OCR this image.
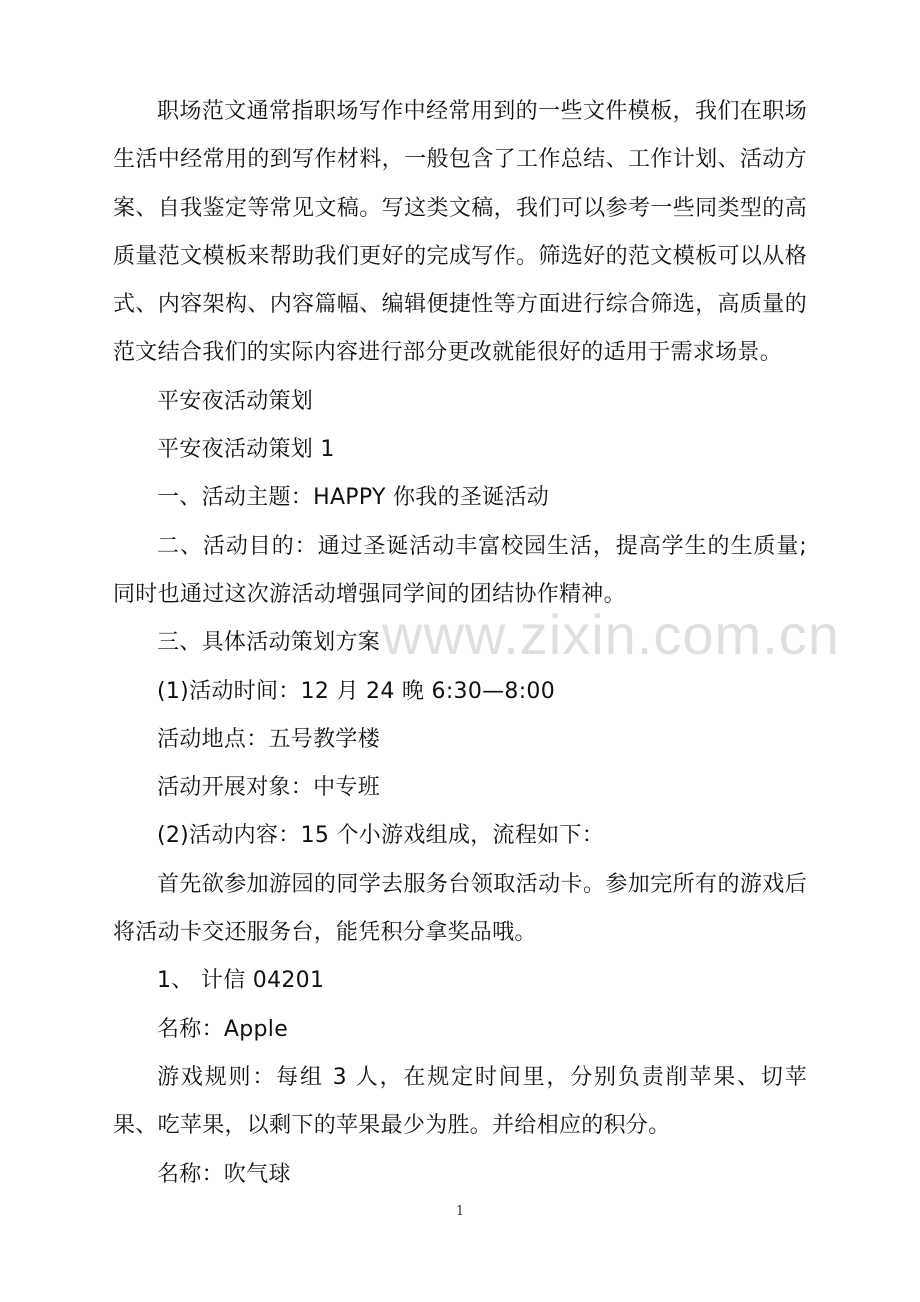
职场范文通常指职场写作中经常用到的一些文件模板，我们在职场生活中经常用的到写作材料，一般包含了工作总结、工作计划、活动方案、自我鉴定等常见文稿。写这类文稿，我们可以参考一些同类型的高质量范文模板来帮助我们更好的完成写作。筛选好的范文模板可以从格式、内容架构、内容篇幅、编辑便捷性等方面进行综合筛选，高质量的范文结合我们的实际内容进行部分更改就能很好的适用于需求场景。

平安夜活动策划

平安夜活动策划 1

一、活动主题：HAPPY 你我的圣诞活动

二、活动目的：通过圣诞活动丰富校园生活，提高学生的生质量;同时也通过这次游活动增强同学间的团结协作精神。

三、具体活动策划方案

(1)活动时间：12 月 24 晚 6:30—8:00

活动地点：五号教学楼

活动开展对象：中专班

(2)活动内容：15 个小游戏组成，流程如下：

首先欲参加游园的同学去服务台领取活动卡。参加完所有的游戏后将活动卡交还服务台，能凭积分拿奖品哦。

1、 计信 04201

名称：Apple

游戏规则：每组 3 人，在规定时间里，分别负责削苹果、切苹果、吃苹果，以剩下的苹果最少为胜。并给相应的积分。

名称：吹气球

www.zixin.com.cn
1
